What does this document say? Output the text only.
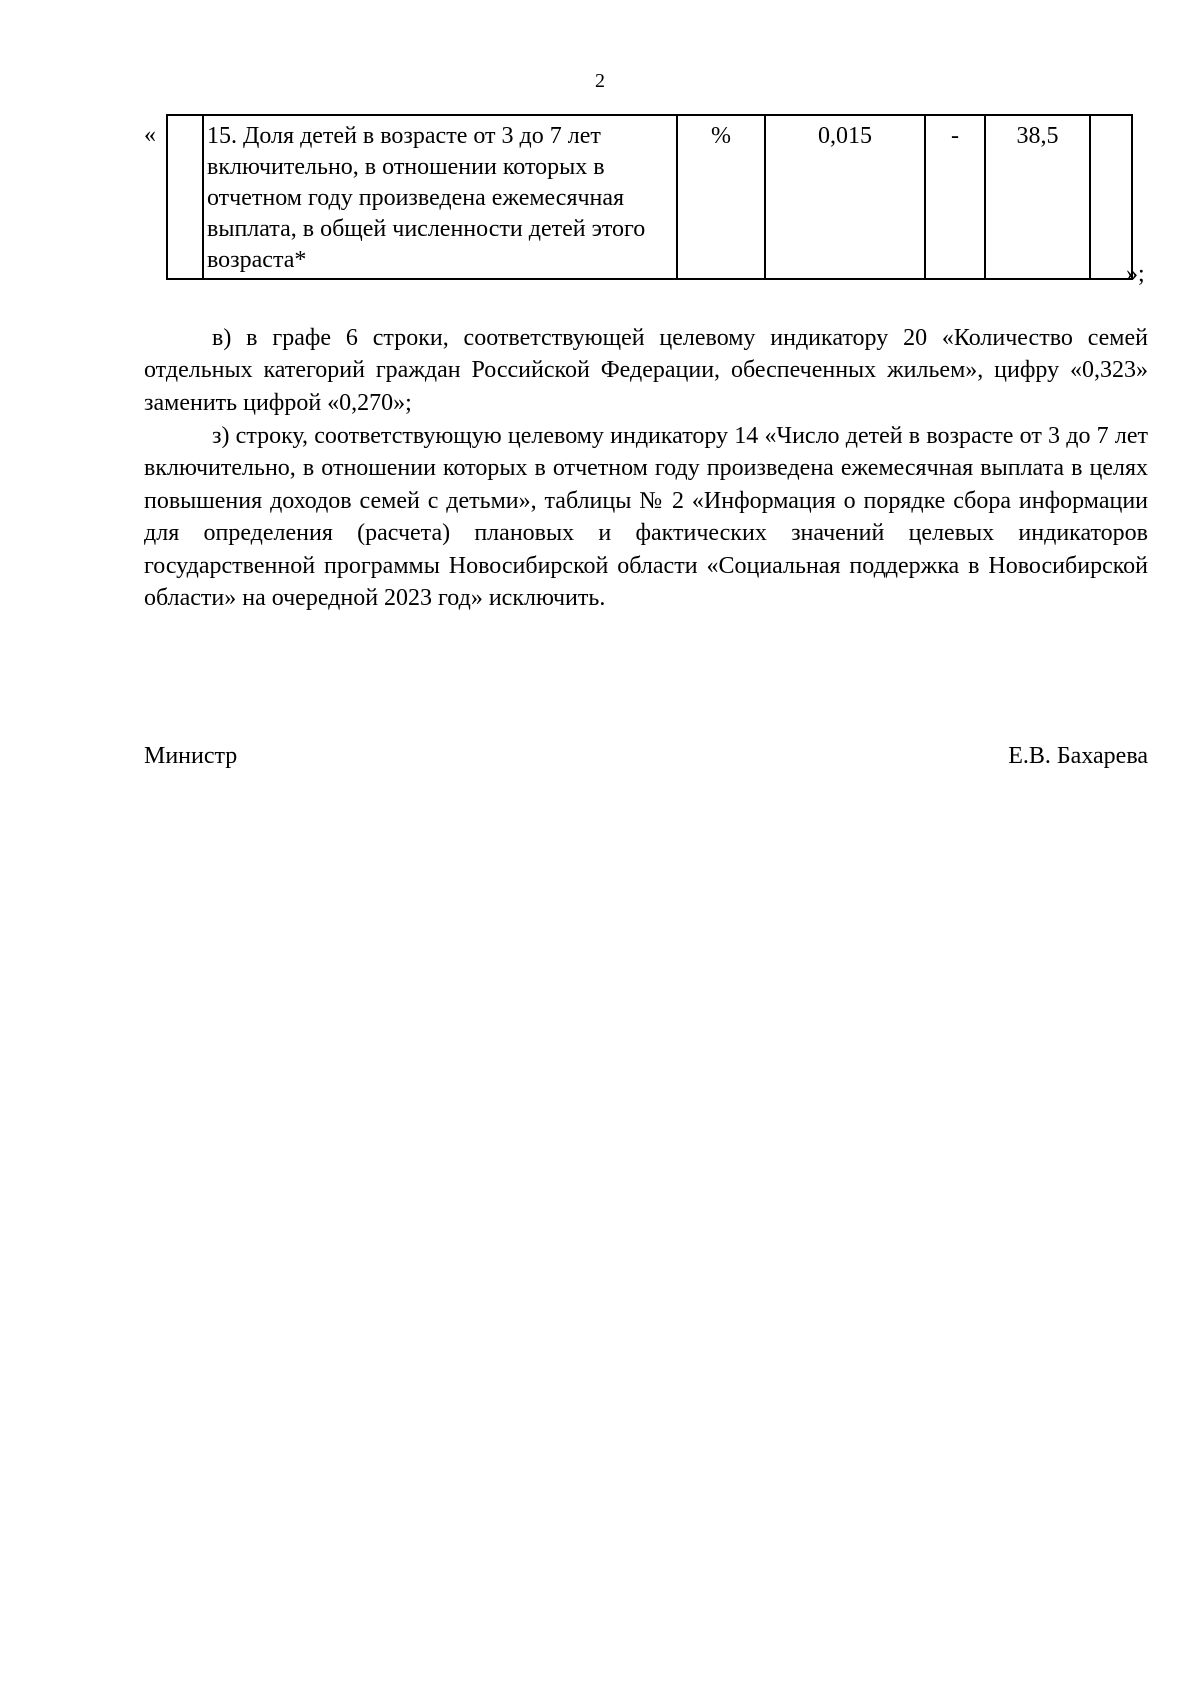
2
«
	15. Доля детей в возрасте от 3 до 7 лет включительно, в отношении которых в отчетном году произведена ежемесячная выплата, в общей численности детей этого возраста*	%	0,015	-	38,5	
»;

в) в графе 6 строки, соответствующей целевому индикатору 20 «Количество семей отдельных категорий граждан Российской Федерации, обеспеченных жильем», цифру «0,323» заменить цифрой «0,270»;

з) строку, соответствующую целевому индикатору 14 «Число детей в возрасте от 3 до 7 лет включительно, в отношении которых в отчетном году произведена ежемесячная выплата в целях повышения доходов семей с детьми», таблицы № 2 «Информация о порядке сбора информации для определения (расчета) плановых и фактических значений целевых индикаторов государственной программы Новосибирской области «Социальная поддержка в Новосибирской области» на очередной 2023 год» исключить.

Министр	Е.В. Бахарева
